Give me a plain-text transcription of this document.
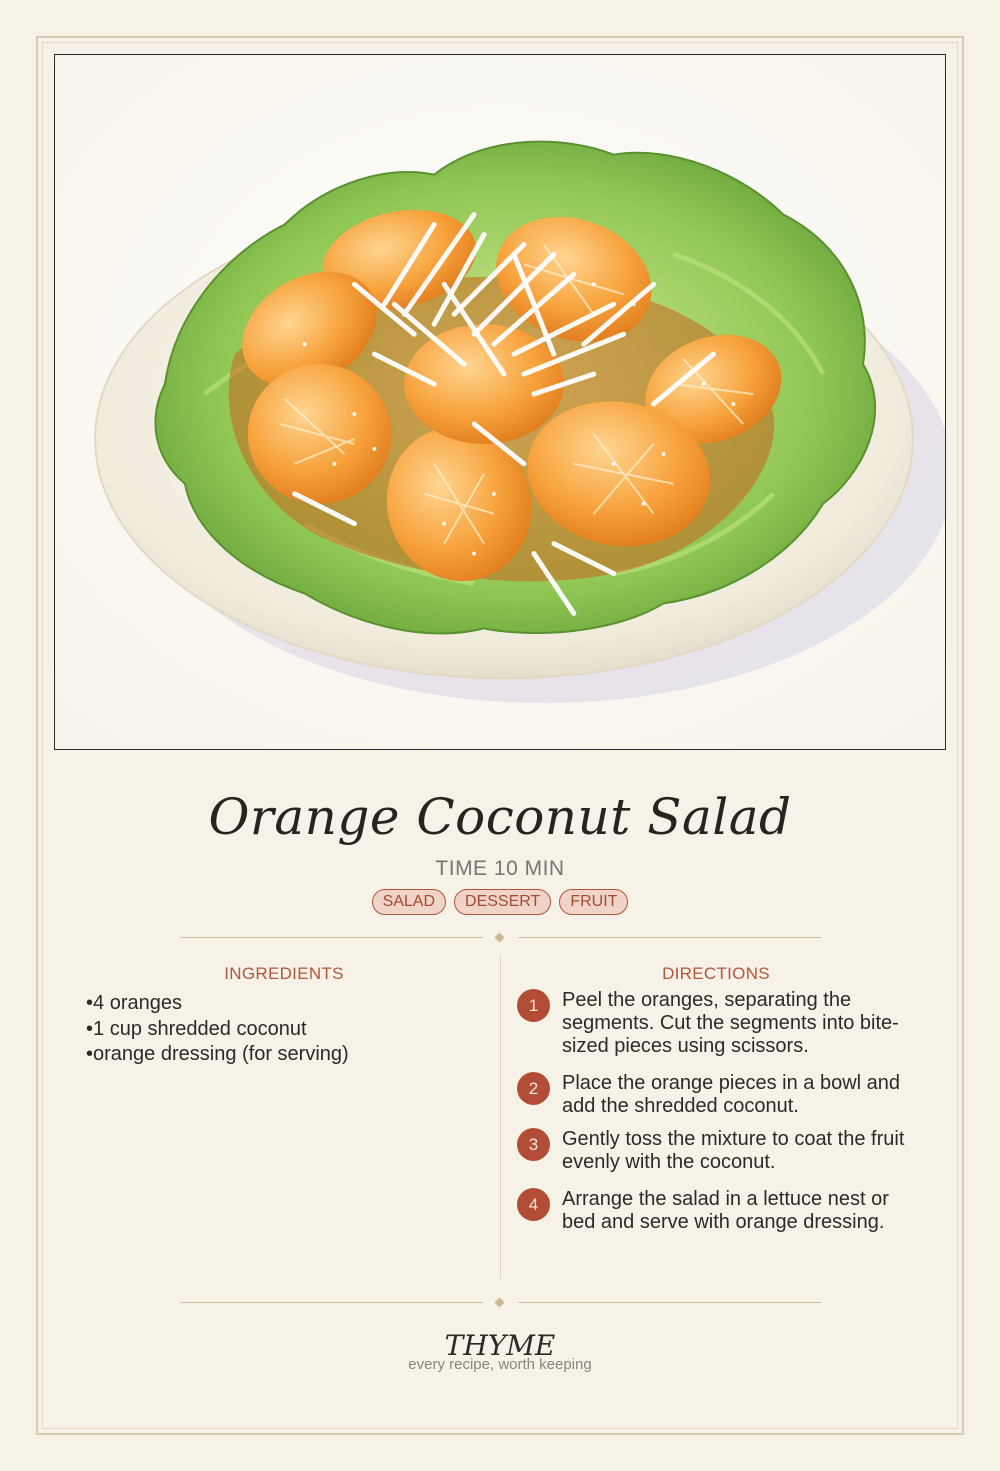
Orange Coconut Salad
TIME 10 MIN
SALAD	DESSERT	FRUIT
INGREDIENTS
• 4 oranges
• 1 cup shredded coconut
• orange dressing (for serving)
DIRECTIONS
1	Peel the oranges, separating the segments. Cut the segments into bite-sized pieces using scissors.
2	Place the orange pieces in a bowl and add the shredded coconut.
3	Gently toss the mixture to coat the fruit evenly with the coconut.
4	Arrange the salad in a lettuce nest or bed and serve with orange dressing.
THYME
every recipe, worth keeping
